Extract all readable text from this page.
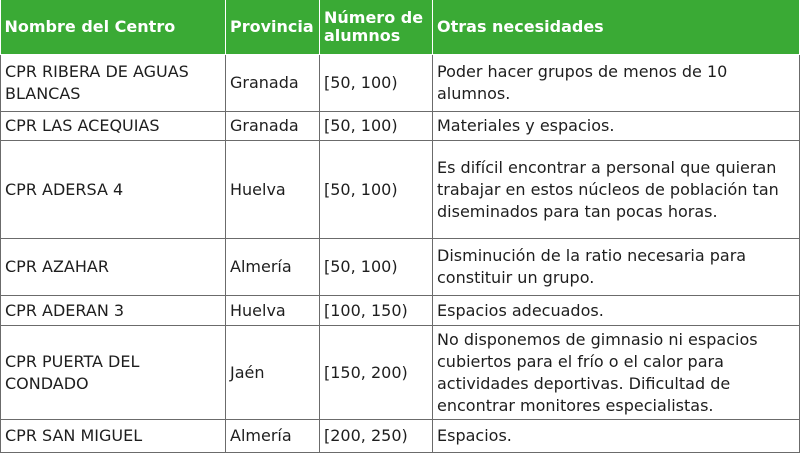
Nombre del Centro	Provincia	Número de alumnos	Otras necesidades
CPR RIBERA DE AGUAS BLANCAS	Granada	[50, 100)	Poder hacer grupos de menos de 10 alumnos.
CPR LAS ACEQUIAS	Granada	[50, 100)	Materiales y espacios.
CPR ADERSA 4	Huelva	[50, 100)	Es difícil encontrar a personal que quieran trabajar en estos núcleos de población tan diseminados para tan pocas horas.
CPR AZAHAR	Almería	[50, 100)	Disminución de la ratio necesaria para constituir un grupo.
CPR ADERAN 3	Huelva	[100, 150)	Espacios adecuados.
CPR PUERTA DEL CONDADO	Jaén	[150, 200)	No disponemos de gimnasio ni espacios cubiertos para el frío o el calor para actividades deportivas. Dificultad de encontrar monitores especialistas.
CPR SAN MIGUEL	Almería	[200, 250)	Espacios.
